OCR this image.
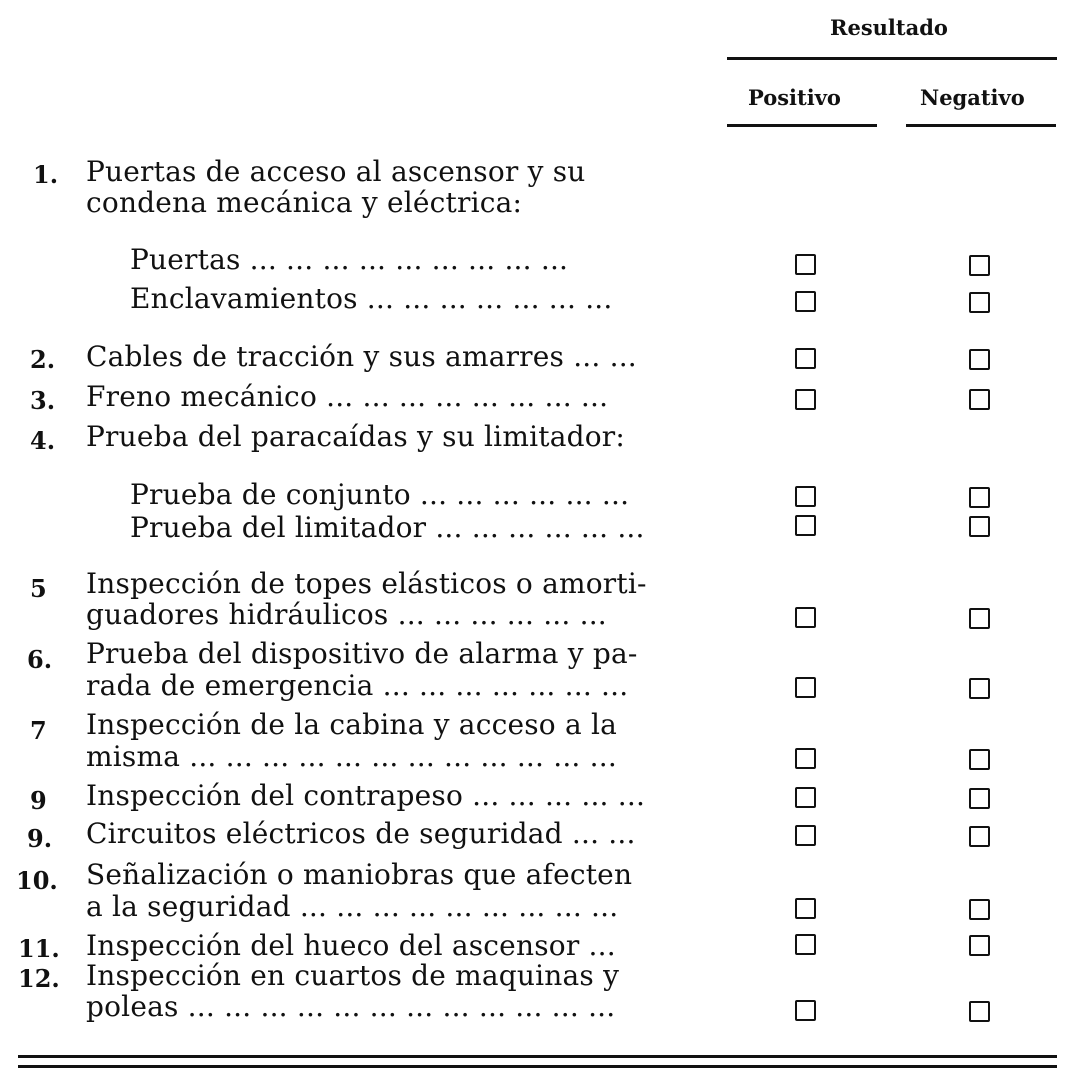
Resultado
Positivo	Negativo
1. Puertas de acceso al ascensor y su
condena mecánica y eléctrica:
Puertas ... ... ... ... ... ... ... ... ...
Enclavamientos ... ... ... ... ... ... ...
2. Cables de tracción y sus amarres ... ...
3. Freno mecánico ... ... ... ... ... ... ... ...
4. Prueba del paracaídas y su limitador:
Prueba de conjunto ... ... ... ... ... ...
Prueba del limitador ... ... ... ... ... ...
5 Inspección de topes elásticos o amorti-
guadores hidráulicos ... ... ... ... ... ...
6. Prueba del dispositivo de alarma y pa-
rada de emergencia ... ... ... ... ... ... ...
7 Inspección de la cabina y acceso a la
misma ... ... ... ... ... ... ... ... ... ... ... ...
9 Inspección del contrapeso ... ... ... ... ...
9. Circuitos eléctricos de seguridad ... ...
10. Señalización o maniobras que afecten
a la seguridad ... ... ... ... ... ... ... ... ...
11. Inspección del hueco del ascensor ...
12. Inspección en cuartos de maquinas y
poleas ... ... ... ... ... ... ... ... ... ... ... ...
